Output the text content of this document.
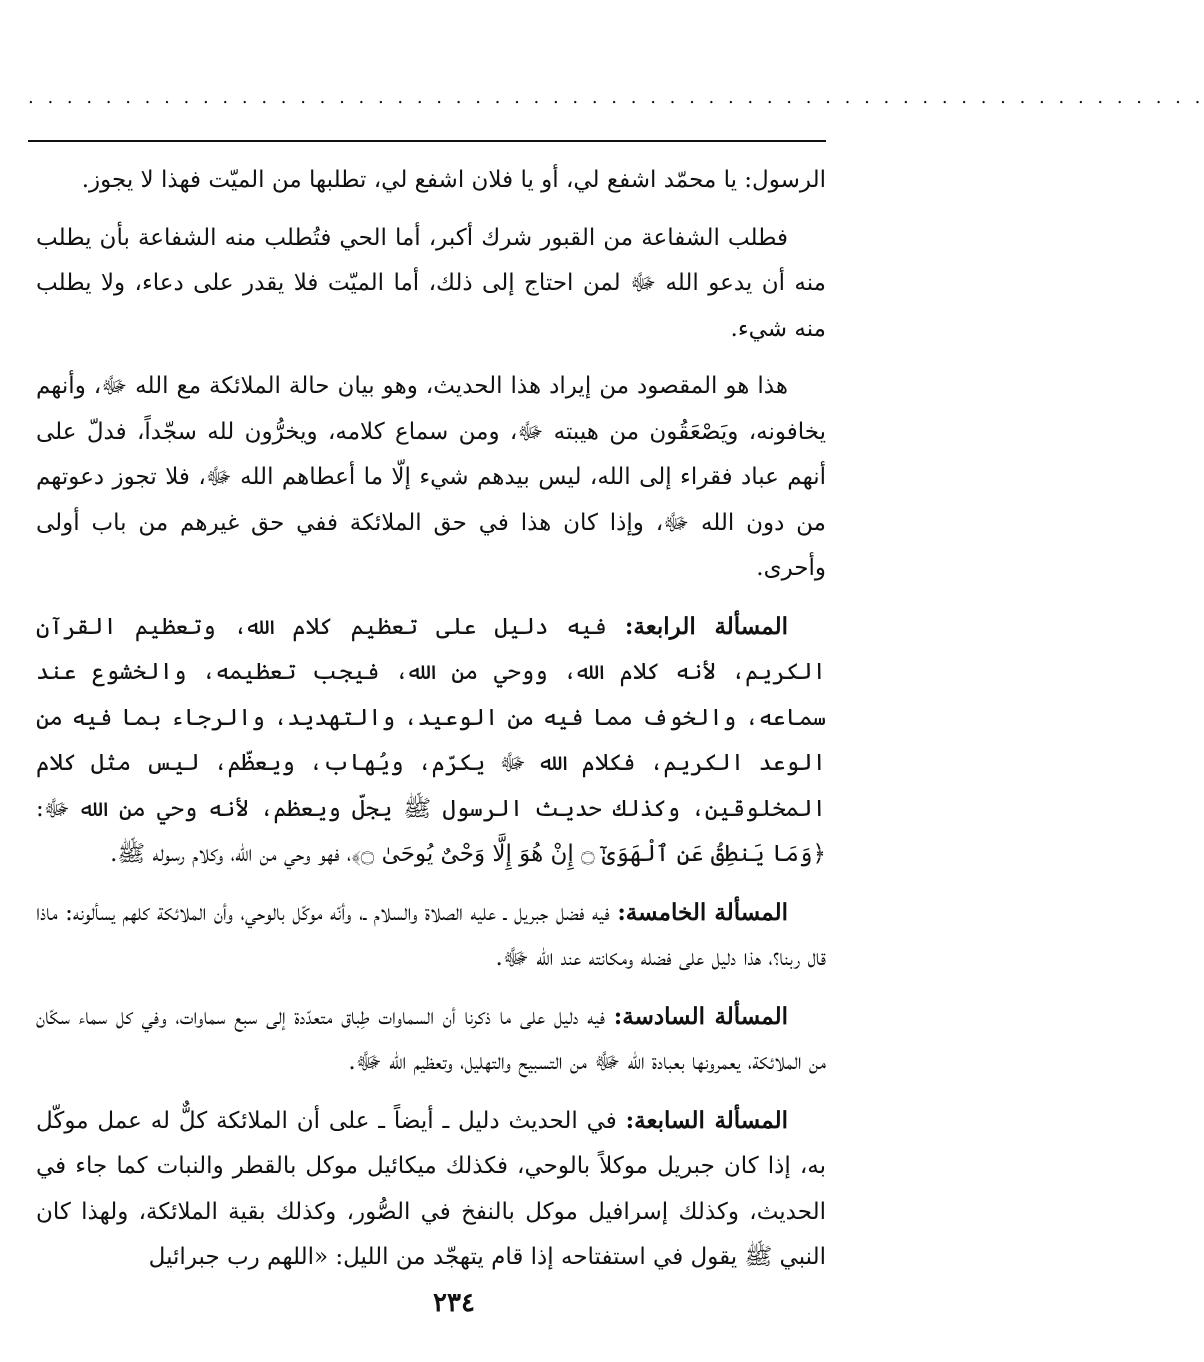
. . . . . . . . . . . . . . . . . . . . . . . . . . . . . . . . . . . . . . . . . . . . . . . . . . . . . . . . . . . . .

الرسول: يا محمّد اشفع لي، أو يا فلان اشفع لي، تطلبها من الميّت فهذا لا يجوز.

فطلب الشفاعة من القبور شرك أكبر، أما الحي فتُطلب منه الشفاعة بأن يطلب منه أن يدعو الله ﷻ لمن احتاج إلى ذلك، أما الميّت فلا يقدر على دعاء، ولا يطلب منه شيء.

هذا هو المقصود من إيراد هذا الحديث، وهو بيان حالة الملائكة مع الله ﷻ، وأنهم يخافونه، ويَصْعَقُون من هيبته ﷻ، ومن سماع كلامه، ويخرُّون لله سجّداً، فدلّ على أنهم عباد فقراء إلى الله، ليس بيدهم شيء إلّا ما أعطاهم الله ﷻ، فلا تجوز دعوتهم من دون الله ﷻ، وإذا كان هذا في حق الملائكة ففي حق غيرهم من باب أولى وأحرى.

المسألة الرابعة: فيه دليل على تعظيم كلام الله، وتعظيم القرآن الكريم، لأنه كلام الله، ووحي من الله، فيجب تعظيمه، والخشوع عند سماعه، والخوف مما فيه من الوعيد، والتهديد، والرجاء بما فيه من الوعد الكريم، فكلام الله ﷻ يكرّم، ويُهاب، ويعظّم، ليس مثل كلام المخلوقين، وكذلك حديث الرسول ﷺ يجلّ ويعظم، لأنه وحي من الله ﷻ: ﴿وَمَا يَنطِقُ عَنِ ٱلْهَوَىٰٓ ۝ إِنْ هُوَ إِلَّا وَحْىٌ يُوحَىٰ ۝﴾، فهو وحي من الله، وكلام رسوله ﷺ.

المسألة الخامسة: فيه فضل جبريل ـ عليه الصلاة والسلام ـ، وأنّه موكّل بالوحي، وأن الملائكة كلهم يسألونه: ماذا قال ربنا؟، هذا دليل على فضله ومكانته عند الله ﷻ.

المسألة السادسة: فيه دليل على ما ذكرنا أن السماوات طِباق متعدّدة إلى سبع سماوات، وفي كل سماء سكّان من الملائكة، يعمرونها بعبادة الله ﷻ من التسبيح والتهليل، وتعظيم الله ﷻ.

المسألة السابعة: في الحديث دليل ـ أيضاً ـ على أن الملائكة كلٌّ له عمل موكّل به، إذا كان جبريل موكلاً بالوحي، فكذلك ميكائيل موكل بالقطر والنبات كما جاء في الحديث، وكذلك إسرافيل موكل بالنفخ في الصُّور، وكذلك بقية الملائكة، ولهذا كان النبي ﷺ يقول في استفتاحه إذا قام يتهجّد من الليل: «اللهم رب جبرائيل

٢٣٤
